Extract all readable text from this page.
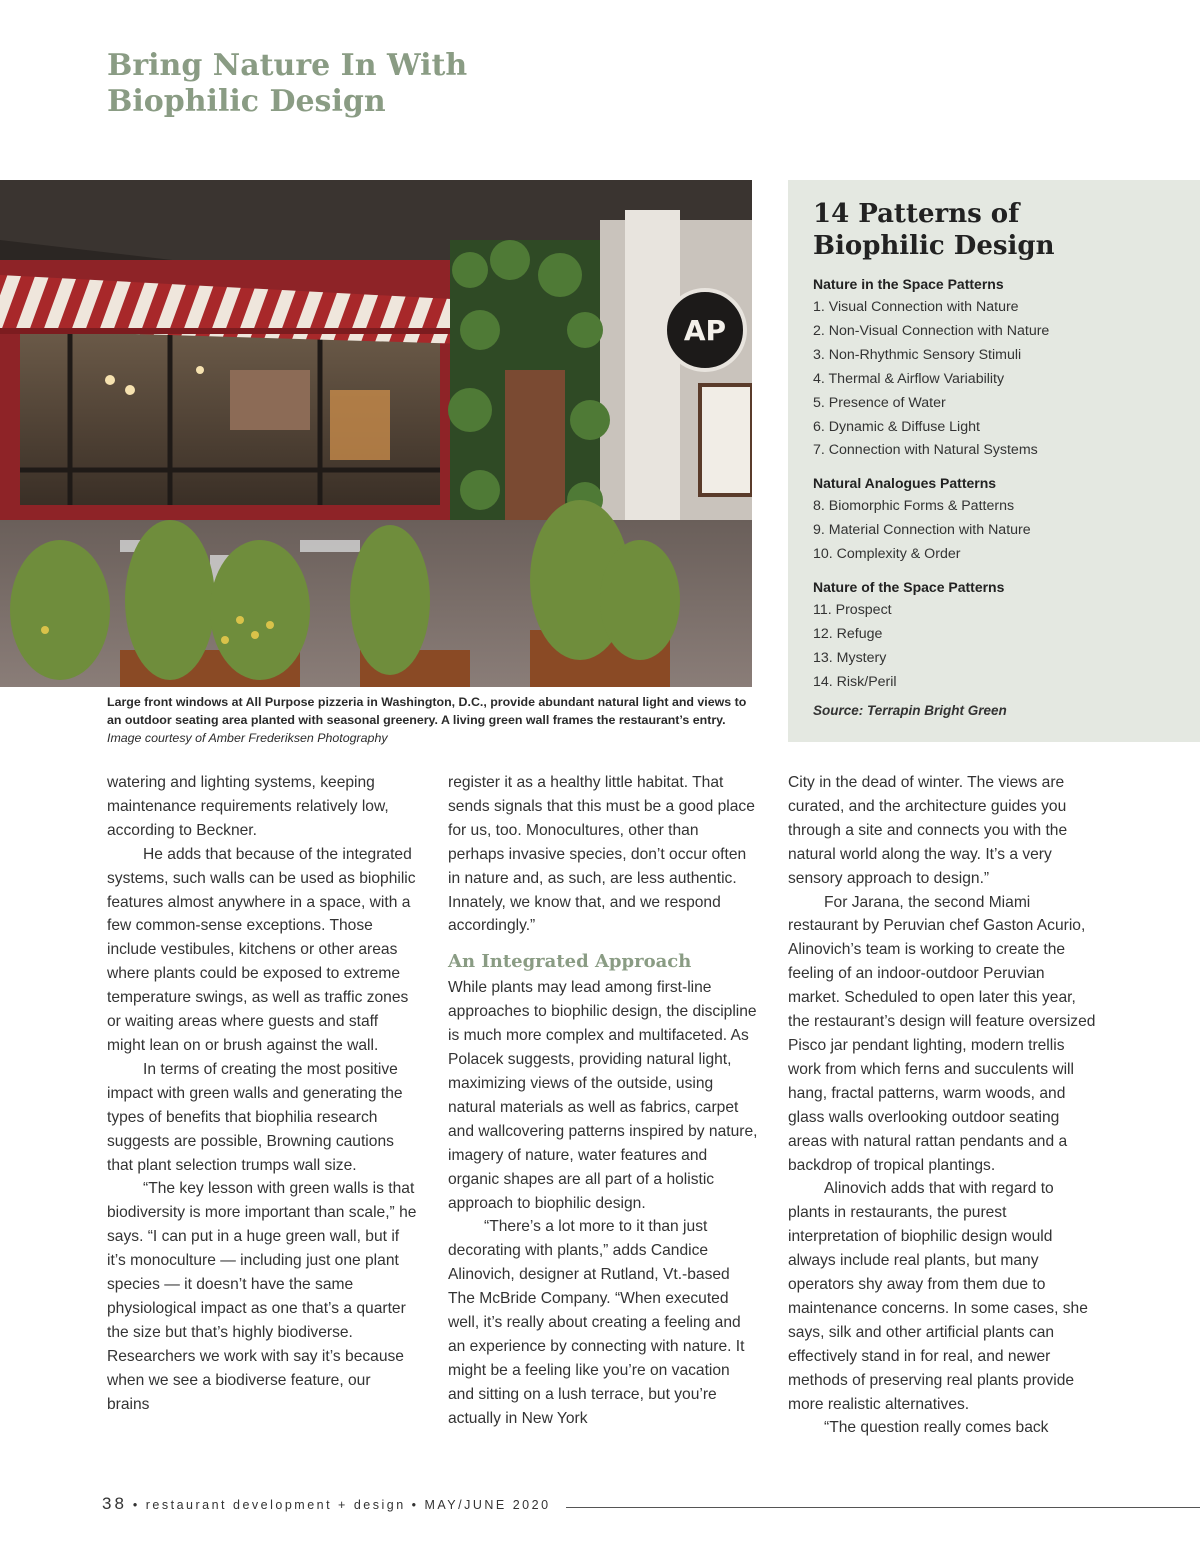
Bring Nature In With
Biophilic Design
AP
Large front windows at All Purpose pizzeria in Washington, D.C., provide abundant natural light and views to an outdoor seating area planted with seasonal greenery. A living green wall frames the restaurant’s entry. Image courtesy of Amber Frederiksen Photography
14 Patterns of
Biophilic Design
Nature in the Space Patterns
1. Visual Connection with Nature
2. Non-Visual Connection with Nature
3. Non-Rhythmic Sensory Stimuli
4. Thermal & Airflow Variability
5. Presence of Water
6. Dynamic & Diffuse Light
7. Connection with Natural Systems
Natural Analogues Patterns
8. Biomorphic Forms & Patterns
9. Material Connection with Nature
10. Complexity & Order
Nature of the Space Patterns
11. Prospect
12. Refuge
13. Mystery
14. Risk/Peril
Source: Terrapin Bright Green

watering and lighting systems, keeping maintenance requirements relatively low, according to Beckner.

He adds that because of the integrated systems, such walls can be used as biophilic features almost anywhere in a space, with a few common-sense exceptions. Those include vestibules, kitchens or other areas where plants could be exposed to extreme temperature swings, as well as traffic zones or waiting areas where guests and staff might lean on or brush against the wall.

In terms of creating the most positive impact with green walls and generating the types of benefits that biophilia research suggests are possible, Browning cautions that plant selection trumps wall size.

“The key lesson with green walls is that biodiversity is more important than scale,” he says. “I can put in a huge green wall, but if it’s monoculture — including just one plant species — it doesn’t have the same physiological impact as one that’s a quarter the size but that’s highly biodiverse. Researchers we work with say it’s because when we see a biodiverse feature, our brains

register it as a healthy little habitat. That sends signals that this must be a good place for us, too. Monocultures, other than perhaps invasive species, don’t occur often in nature and, as such, are less authentic. Innately, we know that, and we respond accordingly.”

An Integrated Approach

While plants may lead among first-line approaches to biophilic design, the discipline is much more complex and multifaceted. As Polacek suggests, providing natural light, maximizing views of the outside, using natural materials as well as fabrics, carpet and wallcovering patterns inspired by nature, imagery of nature, water features and organic shapes are all part of a holistic approach to biophilic design.

“There’s a lot more to it than just decorating with plants,” adds Candice Alinovich, designer at Rutland, Vt.-based The McBride Company. “When executed well, it’s really about creating a feeling and an experience by connecting with nature. It might be a feeling like you’re on vacation and sitting on a lush terrace, but you’re actually in New York

City in the dead of winter. The views are curated, and the architecture guides you through a site and connects you with the natural world along the way. It’s a very sensory approach to design.”

For Jarana, the second Miami restaurant by Peruvian chef Gaston Acurio, Alinovich’s team is working to create the feeling of an indoor-outdoor Peruvian market. Scheduled to open later this year, the restaurant’s design will feature oversized Pisco jar pendant lighting, modern trellis work from which ferns and succulents will hang, fractal patterns, warm woods, and glass walls overlooking outdoor seating areas with natural rattan pendants and a backdrop of tropical plantings.

Alinovich adds that with regard to plants in restaurants, the purest interpretation of biophilic design would always include real plants, but many operators shy away from them due to maintenance concerns. In some cases, she says, silk and other artificial plants can effectively stand in for real, and newer methods of preserving real plants provide more realistic alternatives.

“The question really comes back

38 • restaurant development + design • MAY/JUNE 2020
